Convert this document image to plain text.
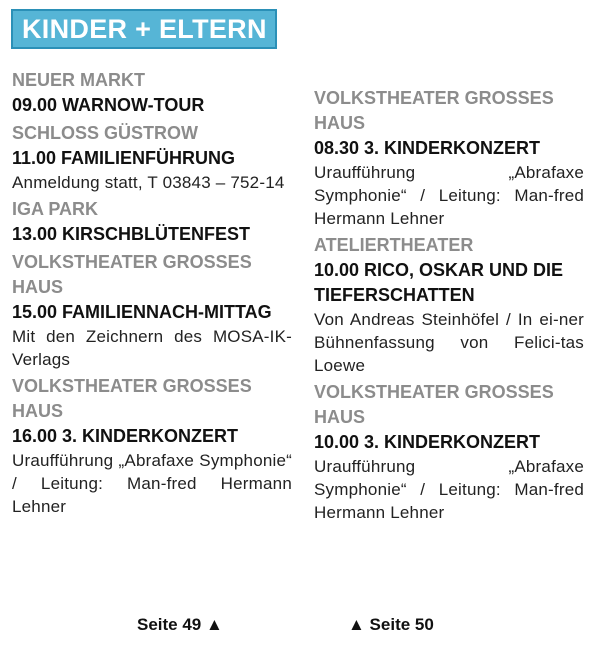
KINDER + ELTERN
NEUER MARKT
09.00 WARNOW-TOUR
SCHLOSS GÜSTROW
11.00 FAMILIENFÜHRUNG
Anmeldung statt, T 03843 – 752-14
IGA PARK
13.00 KIRSCHBLÜTENFEST
VOLKSTHEATER GROSSES HAUS
15.00 FAMILIENNACH-MITTAG
Mit den Zeichnern des MOSA-IK-Verlags
VOLKSTHEATER GROSSES HAUS
16.00 3. KINDERKONZERT
Uraufführung „Abrafaxe Symphonie“ / Leitung: Man-fred Hermann Lehner
VOLKSTHEATER GROSSES HAUS
08.30 3. KINDERKONZERT
Uraufführung „Abrafaxe Symphonie“ / Leitung: Man-fred Hermann Lehner
ATELIERTHEATER
10.00 RICO, OSKAR UND DIE TIEFERSCHATTEN
Von Andreas Steinhöfel / In ei-ner Bühnenfassung von Felici-tas Loewe
VOLKSTHEATER GROSSES HAUS
10.00 3. KINDERKONZERT
Uraufführung „Abrafaxe Symphonie“ / Leitung: Man-fred Hermann Lehner
Seite 49 ▲	▲ Seite 50
